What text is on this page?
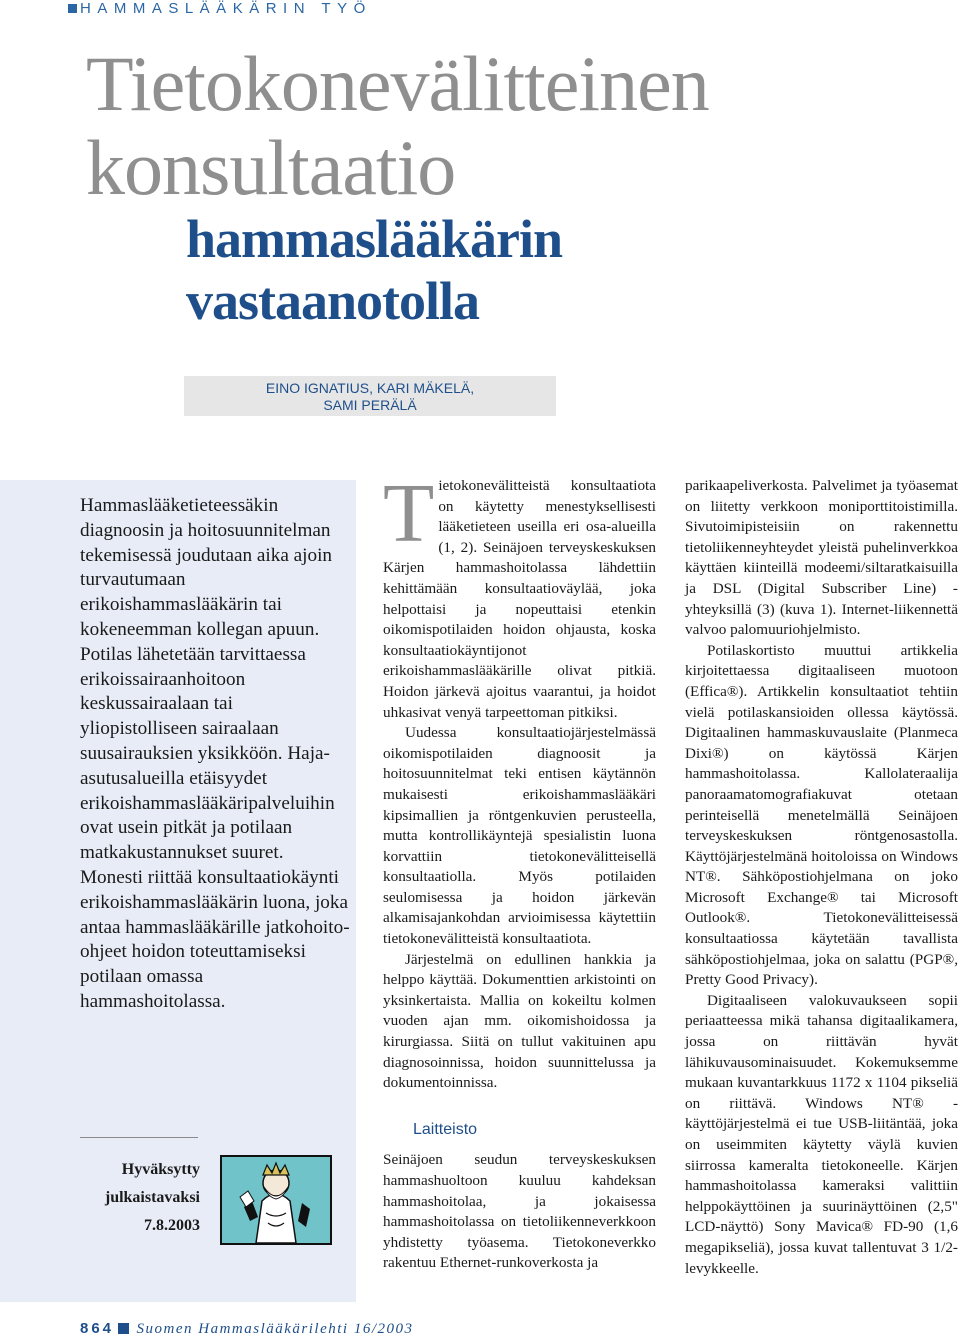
HAMMASLÄÄKÄRIN TYÖ
Tietokonevälitteinen
konsultaatio
hammaslääkärin
vastaanotolla
EINO IGNATIUS, KARI MÄKELÄ,
SAMI PERÄLÄ
Hammaslääketieteessäkin diagnoosin ja hoitosuunnitelman tekemisessä joudutaan aika ajoin turvautumaan erikoishammaslääkärin tai kokeneemman kollegan apuun. Potilas lähetetään tarvittaessa erikoissairaanhoitoon keskussairaalaan tai yliopistolliseen sairaalaan suusairauksien yksikköön. Haja-asutusalueilla etäisyydet erikoishammaslääkäripalveluihin ovat usein pitkät ja potilaan matkakustannukset suuret. Monesti riittää konsultaatiokäynti erikoishammaslääkärin luona, joka antaa hammaslääkärille jatkohoito-ohjeet hoidon toteuttamiseksi potilaan omassa hammashoitolassa.
Hyväksytty
julkaistavaksi
7.8.2003

Tietokonevälitteistä konsultaatiota on käytetty menestyksellisesti lääketieteen useilla eri osa-alueilla (1, 2). Seinäjoen terveyskeskuksen Kärjen hammashoitolassa lähdettiin kehittämään konsultaatioväylää, joka helpottaisi ja nopeuttaisi etenkin oikomispotilaiden hoidon ohjausta, koska konsultaatiokäyntijonot erikoishammaslääkärille olivat pitkiä. Hoidon järkevä ajoitus vaarantui, ja hoidot uhkasivat venyä tarpeettoman pitkiksi.

Uudessa konsultaatiojärjestelmässä oikomispotilaiden diagnoosit ja hoitosuunnitelmat teki entisen käytännön mukaisesti erikoishammaslääkäri kipsimallien ja röntgenkuvien perusteella, mutta kontrollikäyntejä spesialistin luona korvattiin tietokonevälitteisellä konsultaatiolla. Myös potilaiden seulomisessa ja hoidon järkevän alkamisajankohdan arvioimisessa käytettiin tietokonevälitteistä konsultaatiota.

Järjestelmä on edullinen hankkia ja helppo käyttää. Dokumenttien arkistointi on yksinkertaista. Mallia on kokeiltu kolmen vuoden ajan mm. oikomishoidossa ja kirurgiassa. Siitä on tullut vakituinen apu diagnosoinnissa, hoidon suunnittelussa ja dokumentoinnissa.

Laitteisto

Seinäjoen seudun terveyskeskuksen hammashuoltoon kuuluu kahdeksan hammashoitolaa, ja jokaisessa hammashoitolassa on tietoliikenneverkkoon yhdistetty työasema. Tietokoneverkko rakentuu Ethernet-runkoverkosta ja

parikaapeliverkosta. Palvelimet ja työasemat on liitetty verkkoon moniporttitoistimilla. Sivutoimipisteisiin on rakennettu tietoliikenneyhteydet yleistä puhelinverkkoa käyttäen kiinteillä modeemi/siltaratkaisuilla ja DSL (Digital Subscriber Line) -yhteyksillä (3) (kuva 1). Internet-liikennettä valvoo palomuuriohjelmisto.

Potilaskortisto muuttui artikkelia kirjoitettaessa digitaaliseen muotoon (Effica®). Artikkelin konsultaatiot tehtiin vielä potilaskansioiden ollessa käytössä. Digitaalinen hammaskuvauslaite (Planmeca Dixi®) on käytössä Kärjen hammashoitolassa. Kallolateraalija panoraamatomografiakuvat otetaan perinteisellä menetelmällä Seinäjoen terveyskeskuksen röntgenosastolla. Käyttöjärjestelmänä hoitoloissa on Windows NT®. Sähköpostiohjelmana on joko Microsoft Exchange® tai Microsoft Outlook®. Tietokonevälitteisessä konsultaatiossa käytetään tavallista sähköpostiohjelmaa, joka on salattu (PGP®, Pretty Good Privacy).

Digitaaliseen valokuvaukseen sopii periaatteessa mikä tahansa digitaalikamera, jossa on riittävän hyvät lähikuvausominaisuudet. Kokemuksemme mukaan kuvantarkkuus 1172 x 1104 pikseliä on riittävä. Windows NT® -käyttöjärjestelmä ei tue USB-liitäntää, joka on useimmiten käytetty väylä kuvien siirrossa kameralta tietokoneelle. Kärjen hammashoitolassa kameraksi valittiin helppokäyttöinen ja suurinäyttöinen (2,5" LCD-näyttö) Sony Mavica® FD-90 (1,6 megapikseliä), jossa kuvat tallentuvat 3 1/2-levykkeelle.

864 Suomen Hammaslääkärilehti 16/2003
